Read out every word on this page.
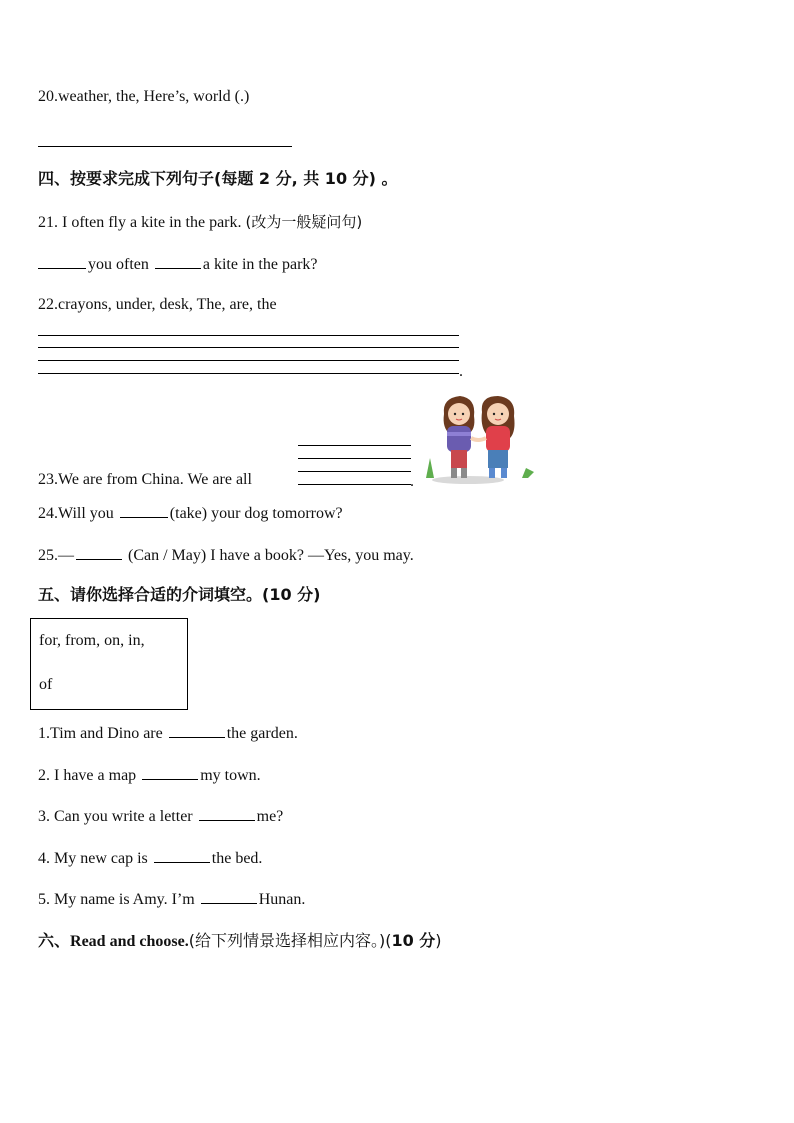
20.weather, the, Here’s, world (.)
四、按要求完成下列句子(每题 2 分, 共 10 分) 。
21. I often fly a kite in the park. (改为一般疑问句)
you often	a kite in the park?
22.crayons, under, desk, The, are, the
.
23.We are from China. We are all	.
24.Will you	(take) your dog tomorrow?
25.—	(Can / May) I have a book? —Yes, you may.
五、请你选择合适的介词填空。(10 分)
for, from, on, in,
of
1.Tim and Dino are	the garden.
2. I have a map	my town.
3. Can you write a letter	me?
4. My new cap is	the bed.
5. My name is Amy. I’m	Hunan.
六、Read and choose.(给下列情景选择相应内容。)(10 分)
